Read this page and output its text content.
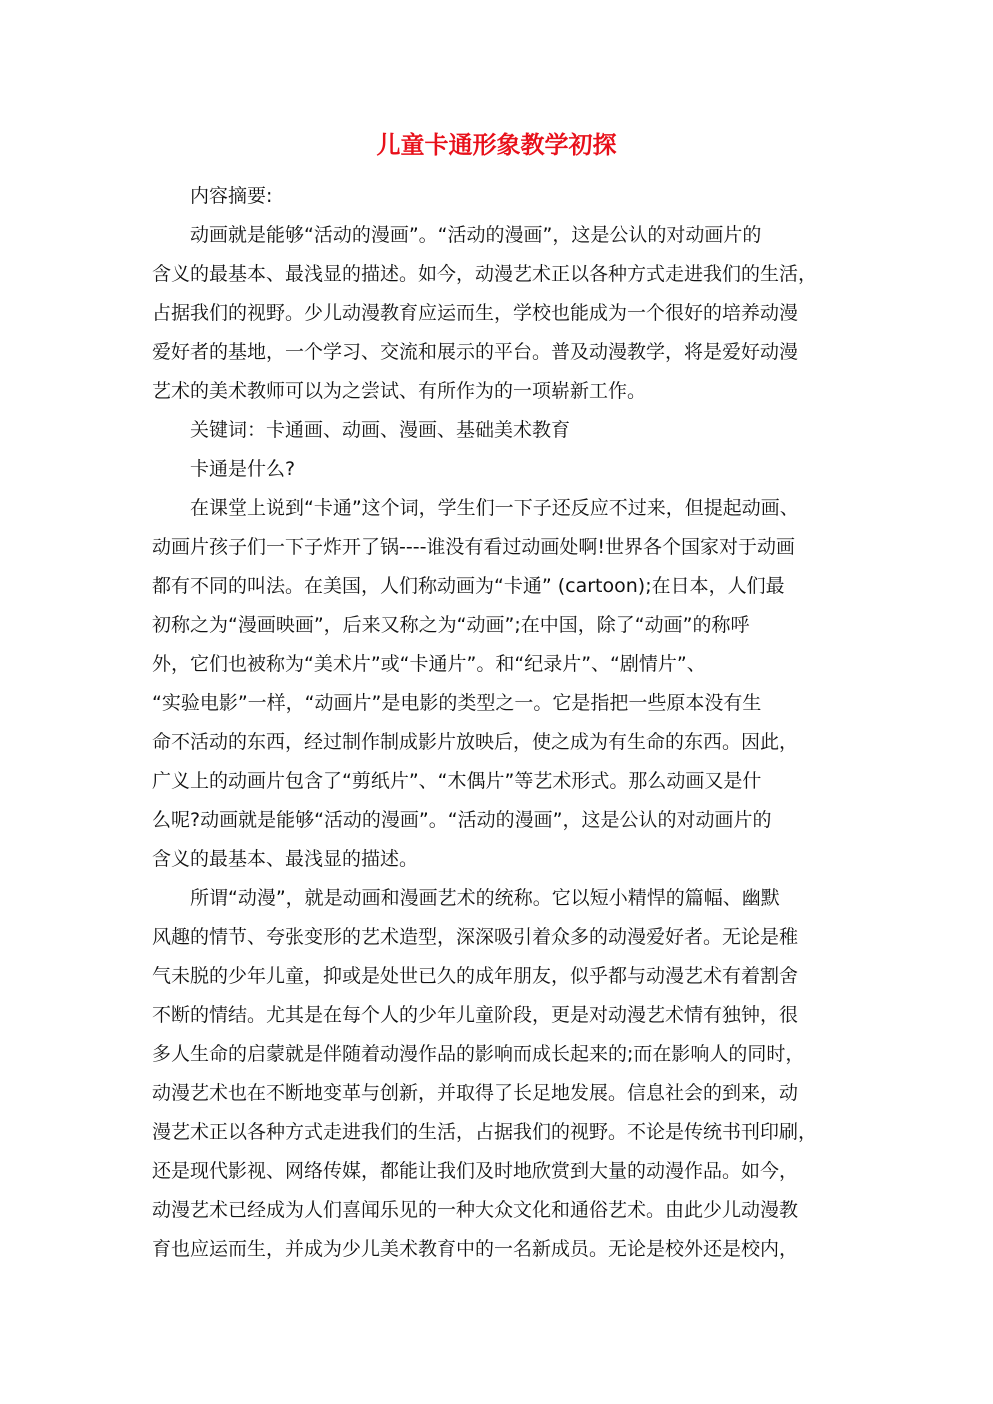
儿童卡通形象教学初探
内容摘要:
动画就是能够“活动的漫画”。“活动的漫画”，这是公认的对动画片的
含义的最基本、最浅显的描述。如今，动漫艺术正以各种方式走进我们的生活，
占据我们的视野。少儿动漫教育应运而生，学校也能成为一个很好的培养动漫
爱好者的基地，一个学习、交流和展示的平台。普及动漫教学，将是爱好动漫
艺术的美术教师可以为之尝试、有所作为的一项崭新工作。
关键词：卡通画、动画、漫画、基础美术教育
卡通是什么?
在课堂上说到“卡通”这个词，学生们一下子还反应不过来，但提起动画、
动画片孩子们一下子炸开了锅----谁没有看过动画处啊!世界各个国家对于动画
都有不同的叫法。在美国，人们称动画为“卡通” (cartoon);在日本，人们最
初称之为“漫画映画”，后来又称之为“动画”;在中国，除了“动画”的称呼
外，它们也被称为“美术片”或“卡通片”。和“纪录片”、“剧情片”、
“实验电影”一样，“动画片”是电影的类型之一。它是指把一些原本没有生
命不活动的东西，经过制作制成影片放映后，使之成为有生命的东西。因此，
广义上的动画片包含了“剪纸片”、“木偶片”等艺术形式。那么动画又是什
么呢?动画就是能够“活动的漫画”。“活动的漫画”，这是公认的对动画片的
含义的最基本、最浅显的描述。
所谓“动漫”，就是动画和漫画艺术的统称。它以短小精悍的篇幅、幽默
风趣的情节、夸张变形的艺术造型，深深吸引着众多的动漫爱好者。无论是稚
气未脱的少年儿童，抑或是处世已久的成年朋友，似乎都与动漫艺术有着割舍
不断的情结。尤其是在每个人的少年儿童阶段，更是对动漫艺术情有独钟，很
多人生命的启蒙就是伴随着动漫作品的影响而成长起来的;而在影响人的同时，
动漫艺术也在不断地变革与创新，并取得了长足地发展。信息社会的到来，动
漫艺术正以各种方式走进我们的生活，占据我们的视野。不论是传统书刊印刷，
还是现代影视、网络传媒，都能让我们及时地欣赏到大量的动漫作品。如今，
动漫艺术已经成为人们喜闻乐见的一种大众文化和通俗艺术。由此少儿动漫教
育也应运而生，并成为少儿美术教育中的一名新成员。无论是校外还是校内，
